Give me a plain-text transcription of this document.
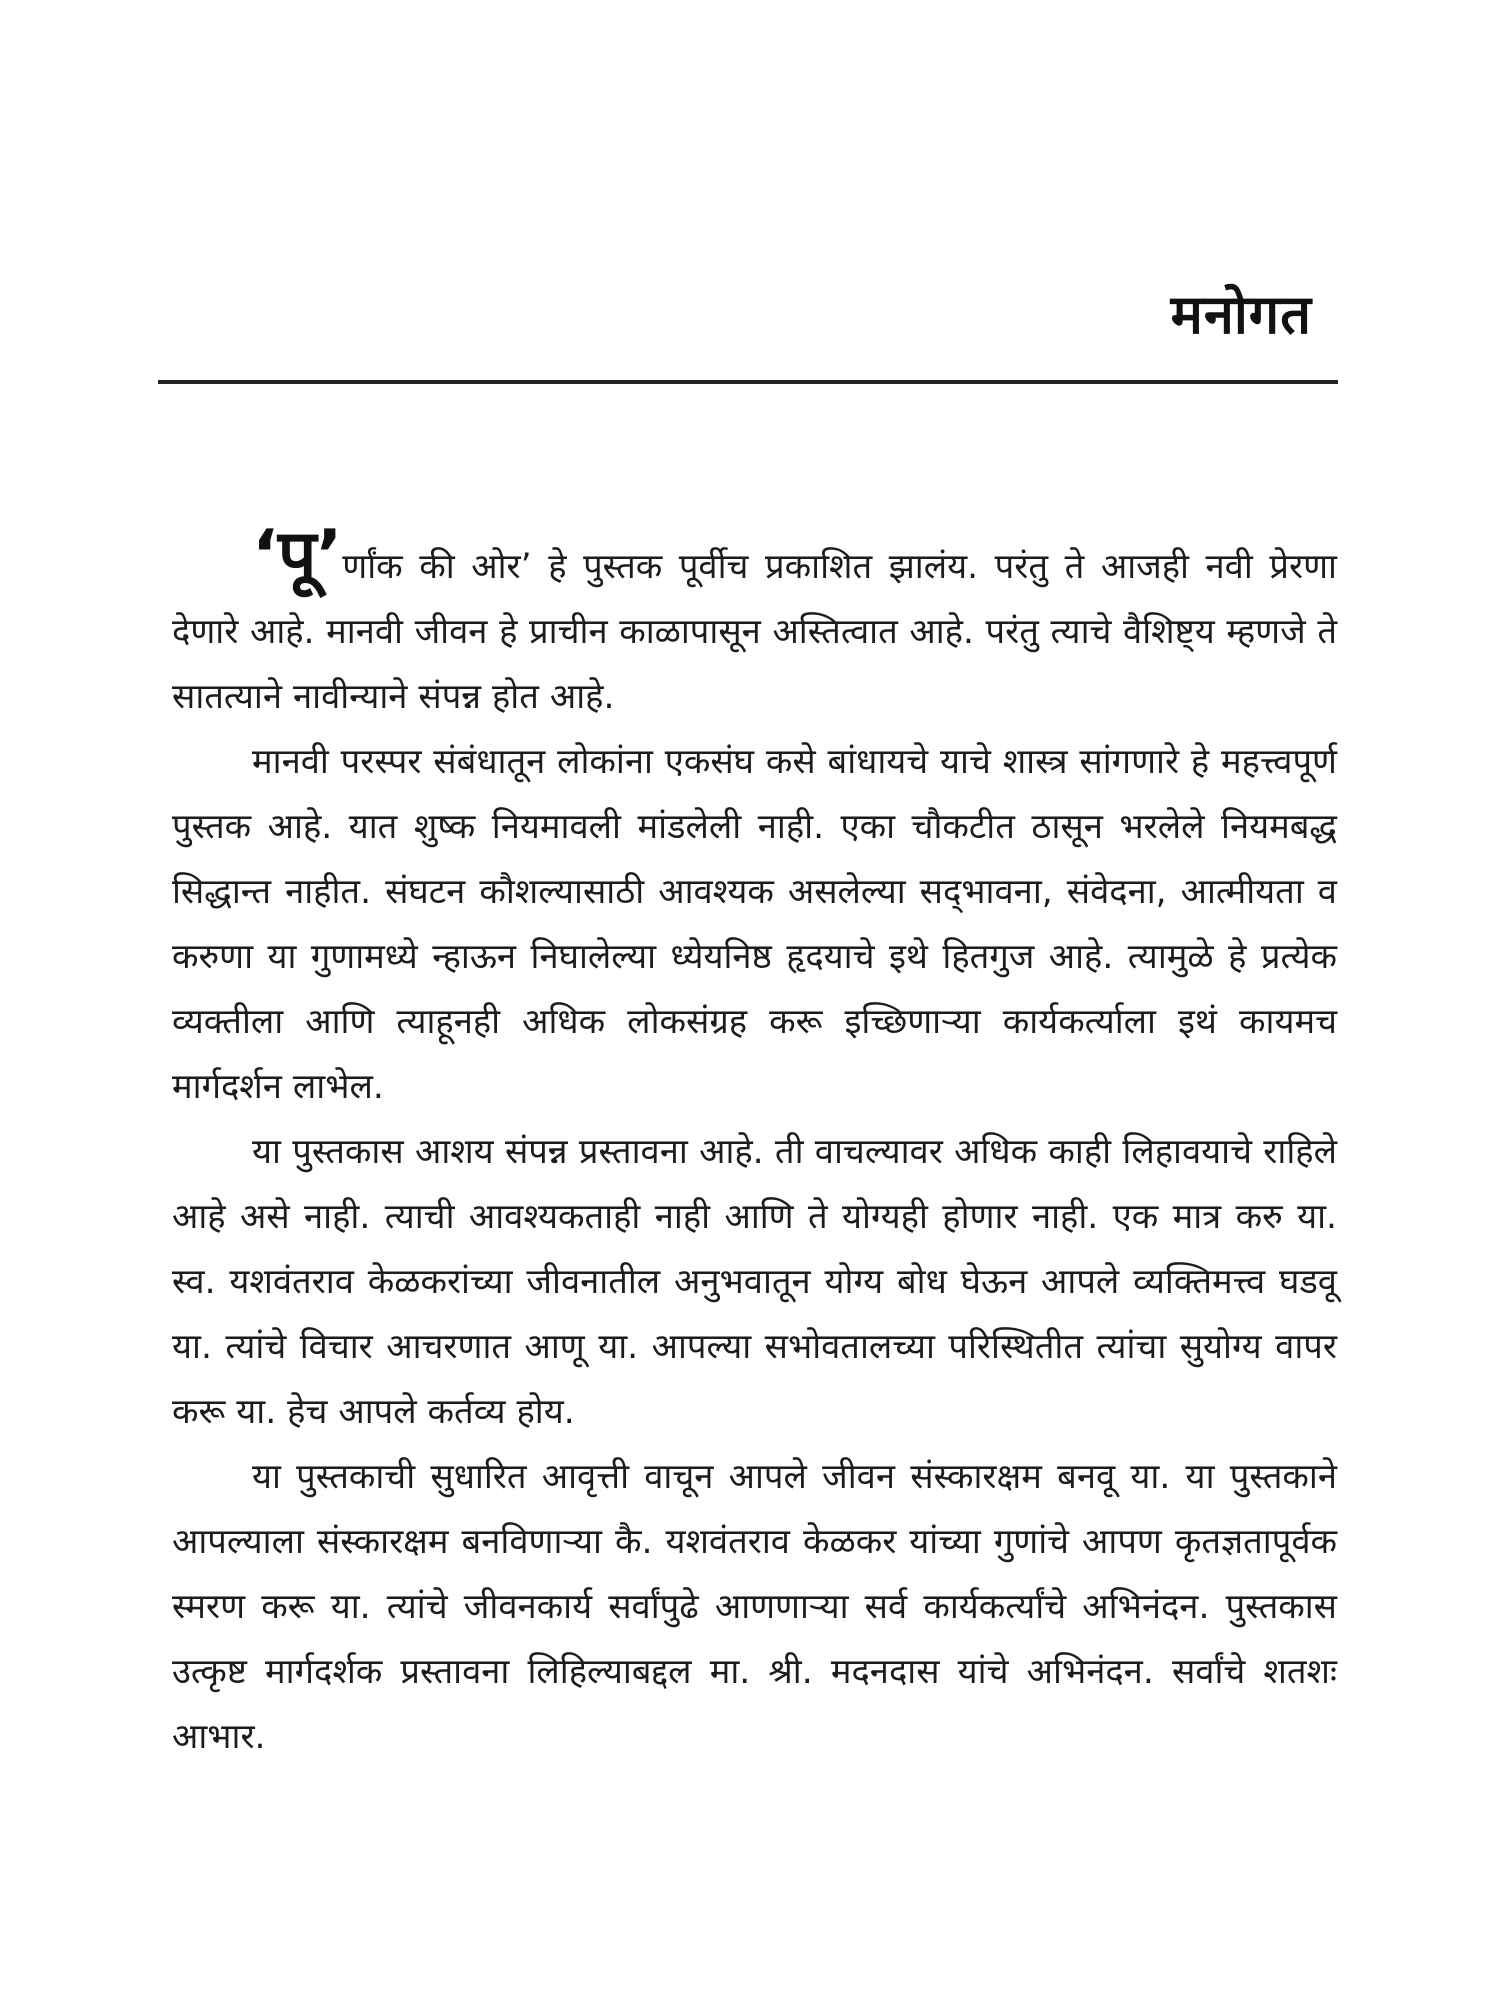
मनोगत

‘पू’र्णांक की ओर’ हे पुस्तक पूर्वीच प्रकाशित झालंय. परंतु ते आजही नवी प्रेरणा देणारे आहे. मानवी जीवन हे प्राचीन काळापासून अस्तित्वात आहे. परंतु त्याचे वैशिष्ट्य म्हणजे ते सातत्याने नावीन्याने संपन्न होत आहे.

मानवी परस्पर संबंधातून लोकांना एकसंघ कसे बांधायचे याचे शास्त्र सांगणारे हे महत्त्वपूर्ण पुस्तक आहे. यात शुष्क नियमावली मांडलेली नाही. एका चौकटीत ठासून भरलेले नियमबद्ध सिद्धान्त नाहीत. संघटन कौशल्यासाठी आवश्यक असलेल्या सद्‌भावना, संवेदना, आत्मीयता व करुणा या गुणामध्ये न्हाऊन निघालेल्या ध्येयनिष्ठ हृदयाचे इथे हितगुज आहे. त्यामुळे हे प्रत्येक व्यक्तीला आणि त्याहूनही अधिक लोकसंग्रह करू इच्छिणाऱ्या कार्यकर्त्याला इथं कायमच मार्गदर्शन लाभेल.

या पुस्तकास आशय संपन्न प्रस्तावना आहे. ती वाचल्यावर अधिक काही लिहावयाचे राहिले आहे असे नाही. त्याची आवश्यकताही नाही आणि ते योग्यही होणार नाही. एक मात्र करु या. स्व. यशवंतराव केळकरांच्या जीवनातील अनुभवातून योग्य बोध घेऊन आपले व्यक्तिमत्त्व घडवू या. त्यांचे विचार आचरणात आणू या. आपल्या सभोवतालच्या परिस्थितीत त्यांचा सुयोग्य वापर करू या. हेच आपले कर्तव्य होय.

या पुस्तकाची सुधारित आवृत्ती वाचून आपले जीवन संस्कारक्षम बनवू या. या पुस्तकाने आपल्याला संस्कारक्षम बनविणाऱ्या कै. यशवंतराव केळकर यांच्या गुणांचे आपण कृतज्ञतापूर्वक स्मरण करू या. त्यांचे जीवनकार्य सर्वांपुढे आणणाऱ्या सर्व कार्यकर्त्यांचे अभिनंदन. पुस्तकास उत्कृष्ट मार्गदर्शक प्रस्तावना लिहिल्याबद्दल मा. श्री. मदनदास यांचे अभिनंदन. सर्वांचे शतशः आभार.
